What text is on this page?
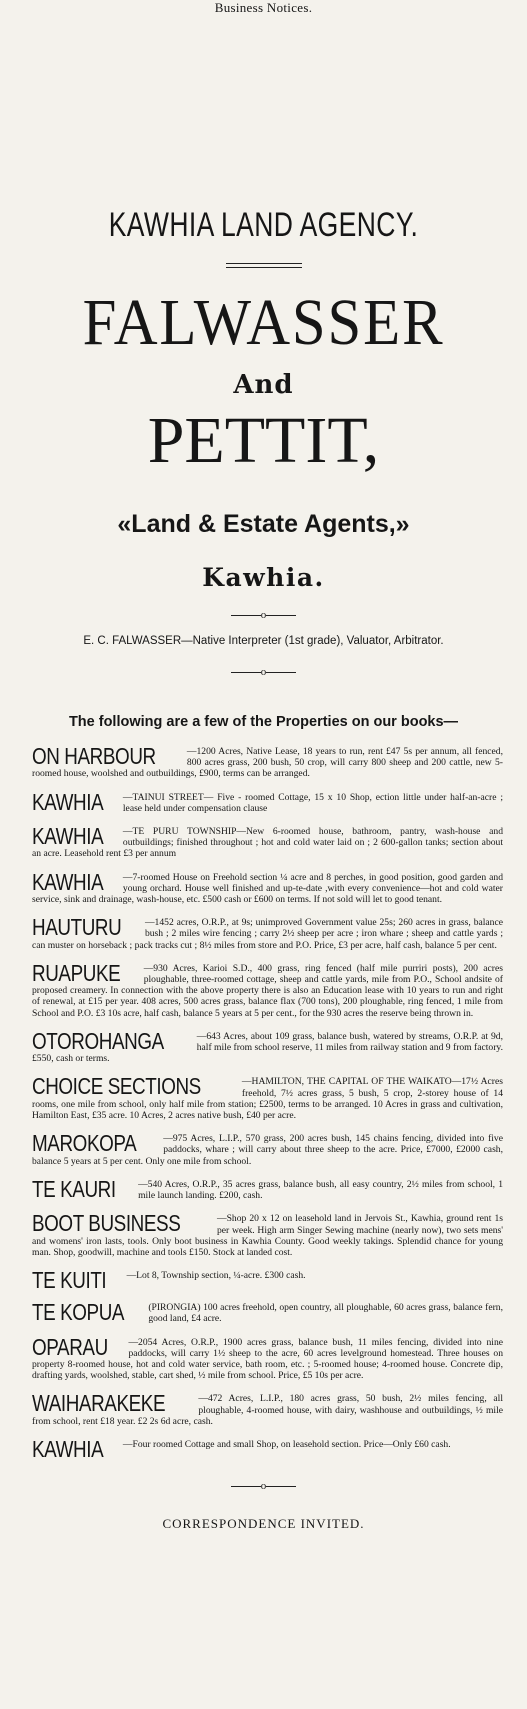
Business Notices.
KAWHIA LAND AGENCY.
FALWASSER
And
PETTIT,
«Land & Estate Agents,»
Kawhia.
o
E. C. FALWASSER—Native Interpreter (1st grade), Valuator, Arbitrator.
o
The following are a few of the Properties on our books—
ON HARBOUR	—1200 Acres, Native Lease, 18 years to run, rent £47 5s per annum, all fenced, 800 acres grass, 200 bush, 50 crop, will carry 800 sheep and 200 cattle, new 5-roomed house, woolshed and outbuildings, £900, terms can be arranged.
KAWHIA —TAINUI STREET— Five - roomed Cottage, 15 x 10 Shop, ection little under half-an-acre ; lease held under compensation clause
KAWHIA —TE PURU TOWNSHIP—New 6-roomed house, bathroom, pantry, wash-house and outbuildings; finished throughout ; hot and cold water laid on ; 2 600-gallon tanks; section about an acre. Leasehold rent £3 per annum
KAWHIA —7-roomed House on Freehold section ¼ acre and 8 perches, in good position, good garden and young orchard. House well finished and up-te-date ,with every convenience—hot and cold water service, sink and drainage, wash-house, etc. £500 cash or £600 on terms. If not sold will let to good tenant.
HAUTURU —1452 acres, O.R.P., at 9s; unimproved Government value 25s; 260 acres in grass, balance bush ; 2 miles wire fencing ; carry 2½ sheep per acre ; iron whare ; sheep and cattle yards ; can muster on horseback ; pack tracks cut ; 8½ miles from store and P.O. Price, £3 per acre, half cash, balance 5 per cent.
RUAPUKE —930 Acres, Karioi S.D., 400 grass, ring fenced (half mile purriri posts), 200 acres ploughable, three-roomed cottage, sheep and cattle yards, mile from P.O., School andsite of proposed creamery. In connection with the above property there is also an Education lease with 10 years to run and right of renewal, at £15 per year. 408 acres, 500 acres grass, balance flax (700 tons), 200 ploughable, ring fenced, 1 mile from School and P.O. £3 10s acre, half cash, balance 5 years at 5 per cent., for the 930 acres the reserve being thrown in.
OTOROHANGA	—643 Acres, about 109 grass, balance bush, watered by streams, O.R.P. at 9d, half mile from school reserve, 11 miles from railway station and 9 from factory. £550, cash or terms.
CHOICE SECTIONS	—HAMILTON, THE CAPITAL OF THE WAIKATO—17½ Acres freehold, 7½ acres grass, 5 bush, 5 crop, 2-storey house of 14 rooms, one mile from school, only half mile from station; £2500, terms to be arranged. 10 Acres in grass and cultivation, Hamilton East, £35 acre. 10 Acres, 2 acres native bush, £40 per acre.
MAROKOPA	—975 Acres, L.I.P., 570 grass, 200 acres bush, 145 chains fencing, divided into five paddocks, whare ; will carry about three sheep to the acre. Price, £7000, £2000 cash, balance 5 years at 5 per cent. Only one mile from school.
TE KAURI —540 Acres, O.R.P., 35 acres grass, balance bush, all easy country, 2½ miles from school, 1 mile launch landing. £200, cash.
BOOT BUSINESS	—Shop 20 x 12 on leasehold land in Jervois St., Kawhia, ground rent 1s per week. High arm Singer Sewing machine (nearly now), two sets mens' and womens' iron lasts, tools. Only boot business in Kawhia County. Good weekly takings. Splendid chance for young man. Shop, goodwill, machine and tools £150. Stock at landed cost.
TE KUITI —Lot 8, Township section, ¼-acre. £300 cash.
TE KOPUA	(PIRONGIA) 100 acres freehold, open country, all ploughable, 60 acres grass, balance fern, good land, £4 acre.
OPARAU —2054 Acres, O.R.P., 1900 acres grass, balance bush, 11 miles fencing, divided into nine paddocks, will carry 1½ sheep to the acre, 60 acres levelground homestead. Three houses on property 8-roomed house, hot and cold water service, bath room, etc. ; 5-roomed house; 4-roomed house. Concrete dip, drafting yards, woolshed, stable, cart shed, ½ mile from school. Price, £5 10s per acre.
WAIHARAKEKE	—472 Acres, L.I.P., 180 acres grass, 50 bush, 2½ miles fencing, all ploughable, 4-roomed house, with dairy, washhouse and outbuildings, ½ mile from school, rent £18 year. £2 2s 6d acre, cash.
KAWHIA —Four roomed Cottage and small Shop, on leasehold section. Price—Only £60 cash.
o
CORRESPONDENCE INVITED.
